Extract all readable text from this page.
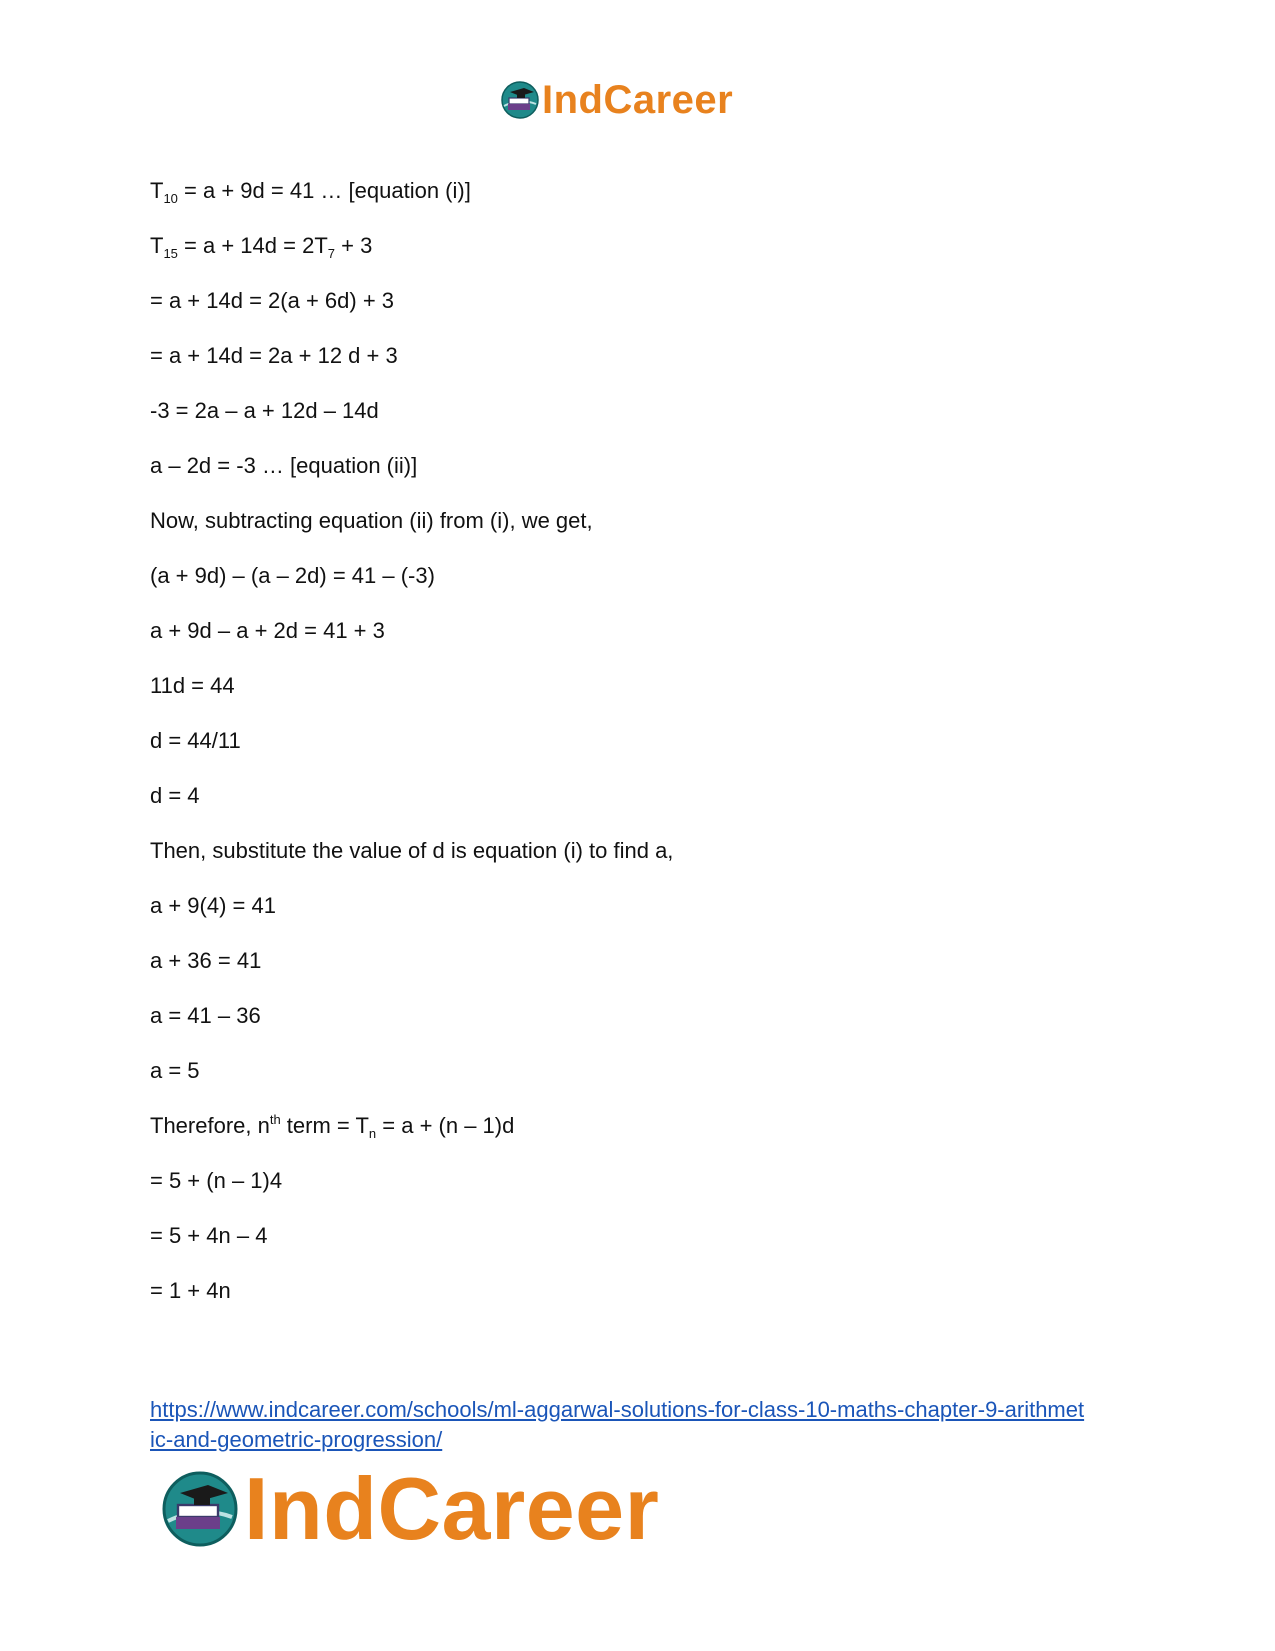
IndCareer
$T_{10} = a + 9d = 41$ … [equation (i)]
$T_{15} = a + 14d = 2T_7 + 3$
= a + 14d = 2(a + 6d) + 3
= a + 14d = 2a + 12 d + 3
-3 = 2a – a + 12d – 14d
a – 2d = -3 … [equation (ii)]
Now, subtracting equation (ii) from (i), we get,
(a + 9d) – (a – 2d) = 41 – (-3)
a + 9d – a + 2d = 41 + 3
11d = 44
d = 44/11
d = 4
Then, substitute the value of d is equation (i) to find a,
a + 9(4) = 41
a + 36 = 41
a = 41 – 36
a = 5
Therefore, $n^{th}$ term = $T_n = a + (n - 1)d$
= 5 + (n – 1)4
= 5 + 4n – 4
= 1 + 4n
https://www.indcareer.com/schools/ml-aggarwal-solutions-for-class-10-maths-chapter-9-arithmet
ic-and-geometric-progression/
IndCareer
